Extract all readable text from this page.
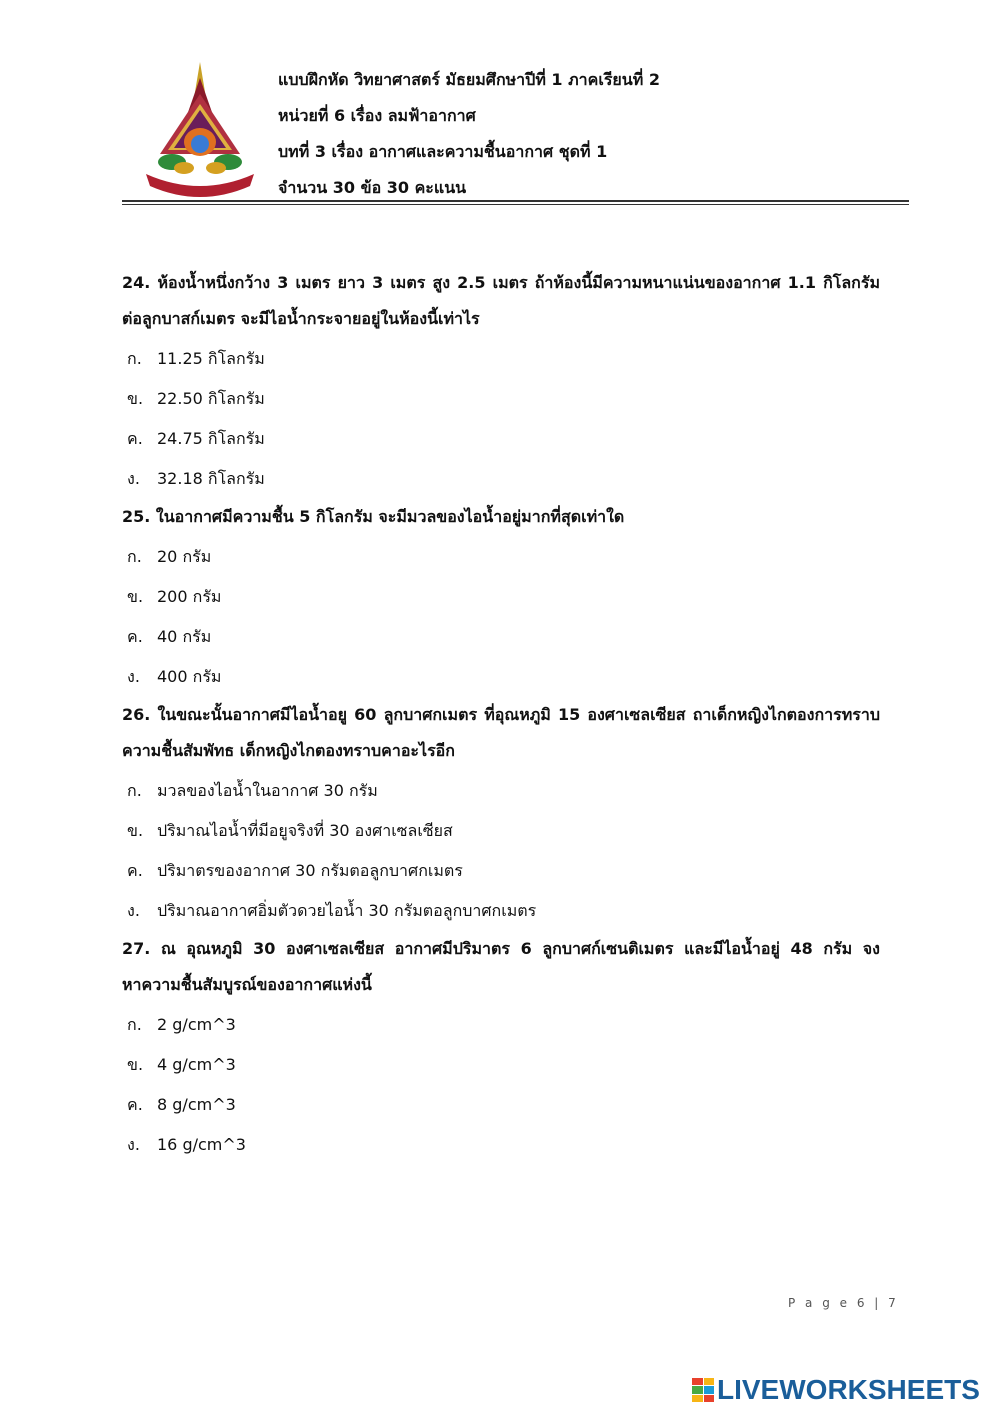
แบบฝึกหัด วิทยาศาสตร์ มัธยมศึกษาปีที่ 1 ภาคเรียนที่ 2
หน่วยที่ 6 เรื่อง ลมฟ้าอากาศ
บทที่ 3 เรื่อง อากาศและความชื้นอากาศ ชุดที่ 1
จำนวน 30 ข้อ 30 คะแนน

24. ห้องน้ำหนึ่งกว้าง 3 เมตร ยาว 3 เมตร สูง 2.5 เมตร ถ้าห้องนี้มีความหนาแน่นของอากาศ 1.1 กิโลกรัมต่อลูกบาสก์เมตร จะมีไอน้ำกระจายอยู่ในห้องนี้เท่าไร

ก. 11.25 กิโลกรัม
ข. 22.50 กิโลกรัม
ค. 24.75 กิโลกรัม
ง. 32.18 กิโลกรัม

25. ในอากาศมีความชื้น 5 กิโลกรัม จะมีมวลของไอน้ำอยู่มากที่สุดเท่าใด

ก. 20 กรัม
ข. 200 กรัม
ค. 40 กรัม
ง. 400 กรัม

26. ในขณะนั้นอากาศมีไอน้ำอยู 60 ลูกบาศกเมตร ที่อุณหภูมิ 15 องศาเซลเซียส ถาเด็กหญิงไกตองการทราบความชื้นสัมพัทธ เด็กหญิงไกตองทราบคาอะไรอีก

ก. มวลของไอน้ำในอากาศ 30 กรัม
ข. ปริมาณไอน้ำที่มีอยูจริงที่ 30 องศาเซลเซียส
ค. ปริมาตรของอากาศ 30 กรัมตอลูกบาศกเมตร
ง. ปริมาณอากาศอิ่มตัวดวยไอน้ำ 30 กรัมตอลูกบาศกเมตร

27. ณ อุณหภูมิ 30 องศาเซลเซียส อากาศมีปริมาตร 6 ลูกบาศก์เซนติเมตร และมีไอน้ำอยู่ 48 กรัม จงหาความชื้นสัมบูรณ์ของอากาศแห่งนี้

ก. 2 g/cm^3
ข. 4 g/cm^3
ค. 8 g/cm^3
ง. 16 g/cm^3
P a g e 6 | 7
LIVEWORKSHEETS
